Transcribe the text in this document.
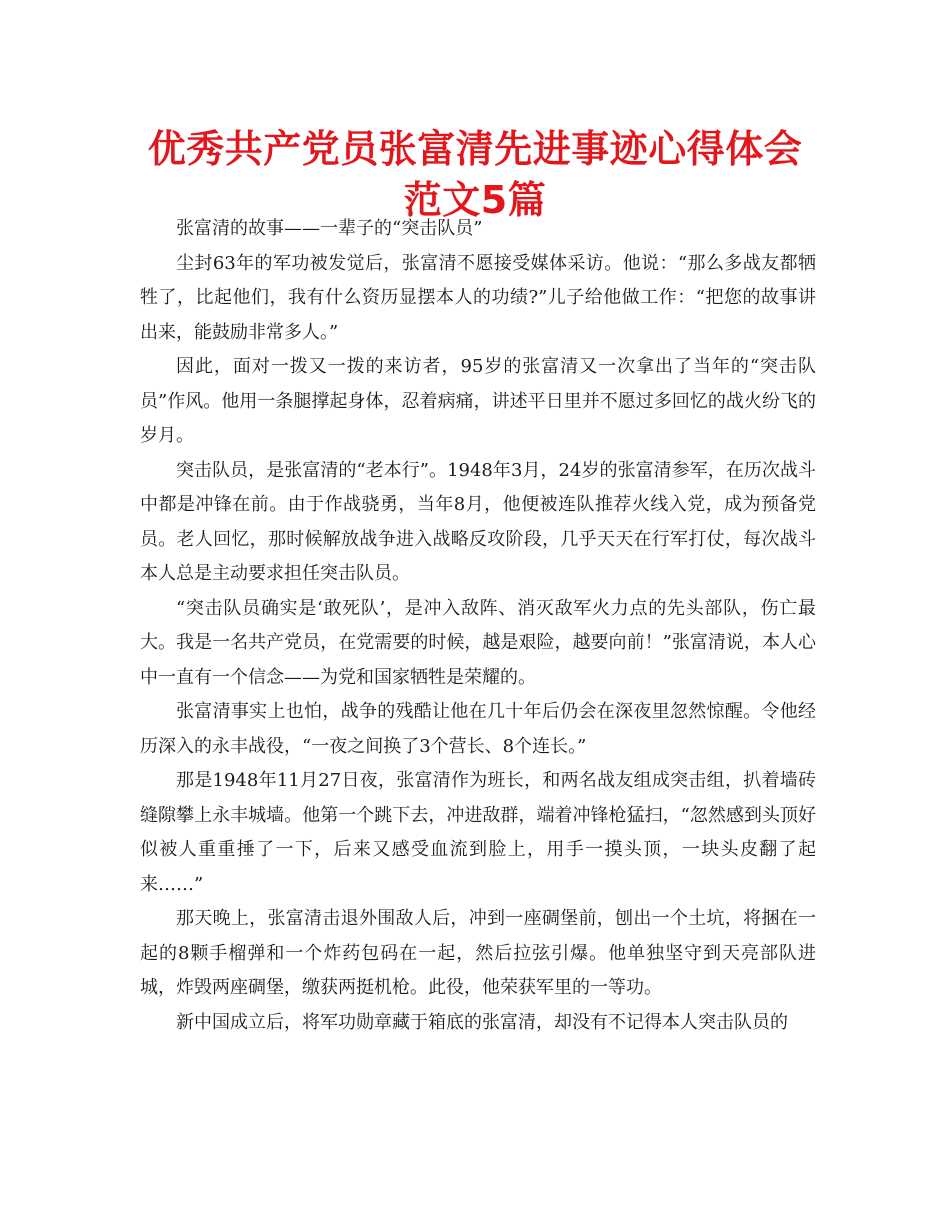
优秀共产党员张富清先进事迹心得体会范文5篇

张富清的故事——一辈子的“突击队员”

尘封63年的军功被发觉后，张富清不愿接受媒体采访。他说：“那么多战友都牺牲了，比起他们，我有什么资历显摆本人的功绩?”儿子给他做工作：“把您的故事讲出来，能鼓励非常多人。”

因此，面对一拨又一拨的来访者，95岁的张富清又一次拿出了当年的“突击队员”作风。他用一条腿撑起身体，忍着病痛，讲述平日里并不愿过多回忆的战火纷飞的岁月。

突击队员，是张富清的“老本行”。1948年3月，24岁的张富清参军，在历次战斗中都是冲锋在前。由于作战骁勇，当年8月，他便被连队推荐火线入党，成为预备党员。老人回忆，那时候解放战争进入战略反攻阶段，几乎天天在行军打仗，每次战斗本人总是主动要求担任突击队员。

“突击队员确实是‘敢死队’，是冲入敌阵、消灭敌军火力点的先头部队，伤亡最大。我是一名共产党员，在党需要的时候，越是艰险，越要向前！”张富清说，本人心中一直有一个信念——为党和国家牺牲是荣耀的。

张富清事实上也怕，战争的残酷让他在几十年后仍会在深夜里忽然惊醒。令他经历深入的永丰战役，“一夜之间换了3个营长、8个连长。”

那是1948年11月27日夜，张富清作为班长，和两名战友组成突击组，扒着墙砖缝隙攀上永丰城墙。他第一个跳下去，冲进敌群，端着冲锋枪猛扫，“忽然感到头顶好似被人重重捶了一下，后来又感受血流到脸上，用手一摸头顶，一块头皮翻了起来……”

那天晚上，张富清击退外围敌人后，冲到一座碉堡前，刨出一个土坑，将捆在一起的8颗手榴弹和一个炸药包码在一起，然后拉弦引爆。他单独坚守到天亮部队进城，炸毁两座碉堡，缴获两挺机枪。此役，他荣获军里的一等功。

新中国成立后，将军功勋章藏于箱底的张富清，却没有不记得本人突击队员的
